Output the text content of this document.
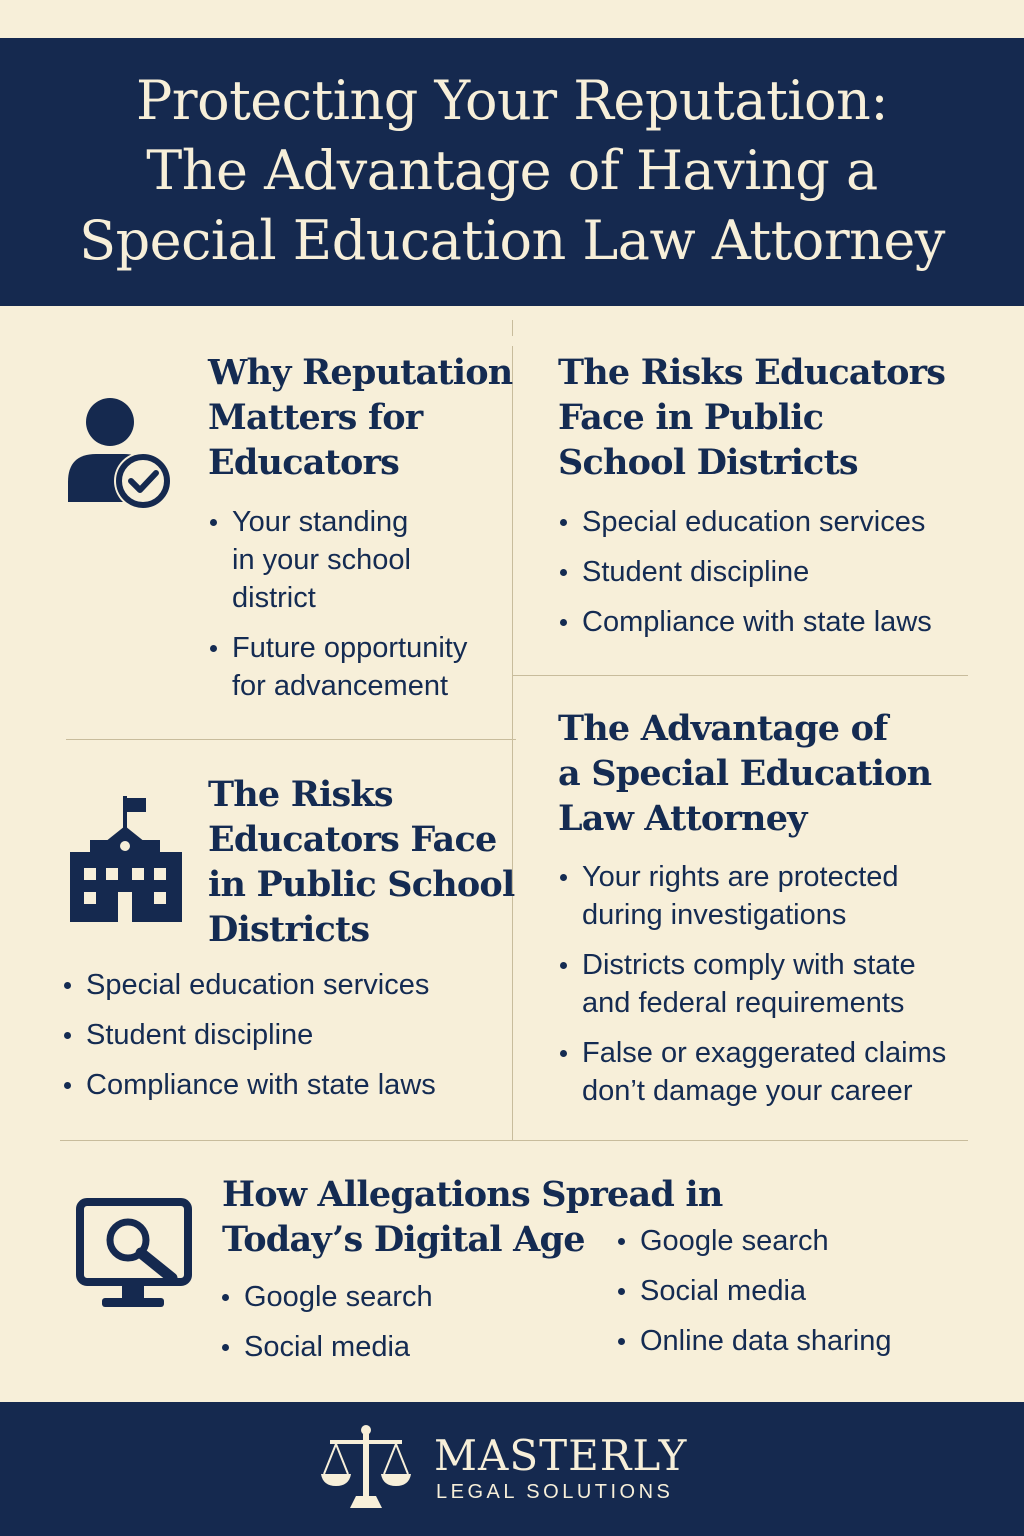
Protecting Your Reputation:
The Advantage of Having a
Special Education Law Attorney
Why Reputation
Matters for
Educators
Your standing
in your school
district
Future opportunity
for advancement
The Risks Educators
Face in Public
School Districts
Special education services
Student discipline
Compliance with state laws
The Risks
Educators Face
in Public School
Districts
Special education services
Student discipline
Compliance with state laws
The Advantage of
a Special Education
Law Attorney
Your rights are protected
during investigations
Districts comply with state
and federal requirements
False or exaggerated claims
don’t damage your career
How Allegations Spread in
Today’s Digital Age
Google search
Social media
Google search
Social media
Online data sharing
MASTERLY
LEGAL SOLUTIONS
